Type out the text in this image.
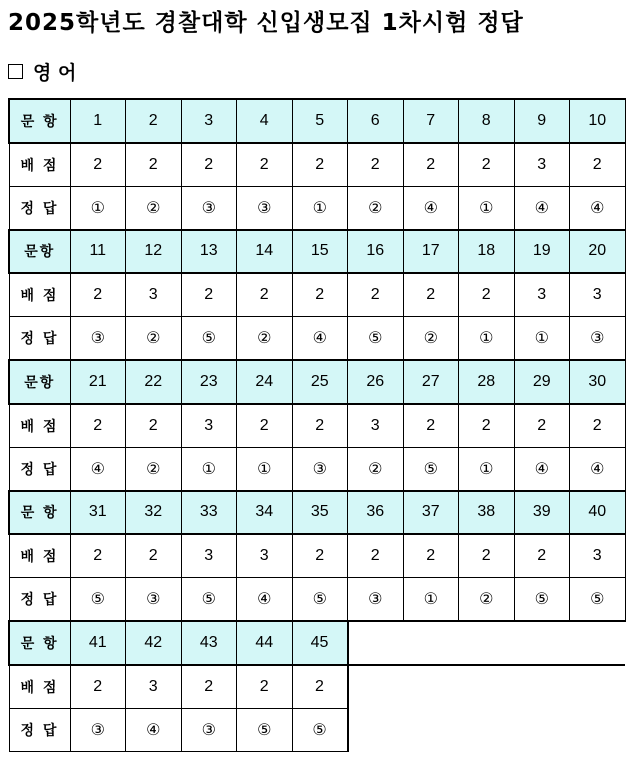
2025학년도 경찰대학 신입생모집 1차시험 정답
영 어
문 항	1	2	3	4	5	6	7	8	9	10
배 점	2	2	2	2	2	2	2	2	3	2
정 답	①	②	③	③	①	②	④	①	④	④
문항	11	12	13	14	15	16	17	18	19	20
배 점	2	3	2	2	2	2	2	2	3	3
정 답	③	②	⑤	②	④	⑤	②	①	①	③
문항	21	22	23	24	25	26	27	28	29	30
배 점	2	2	3	2	2	3	2	2	2	2
정 답	④	②	①	①	③	②	⑤	①	④	④
문 항	31	32	33	34	35	36	37	38	39	40
배 점	2	2	3	3	2	2	2	2	2	3
정 답	⑤	③	⑤	④	⑤	③	①	②	⑤	⑤
문 항	41	42	43	44	45					
배 점	2	3	2	2	2					
정 답	③	④	③	⑤	⑤					
